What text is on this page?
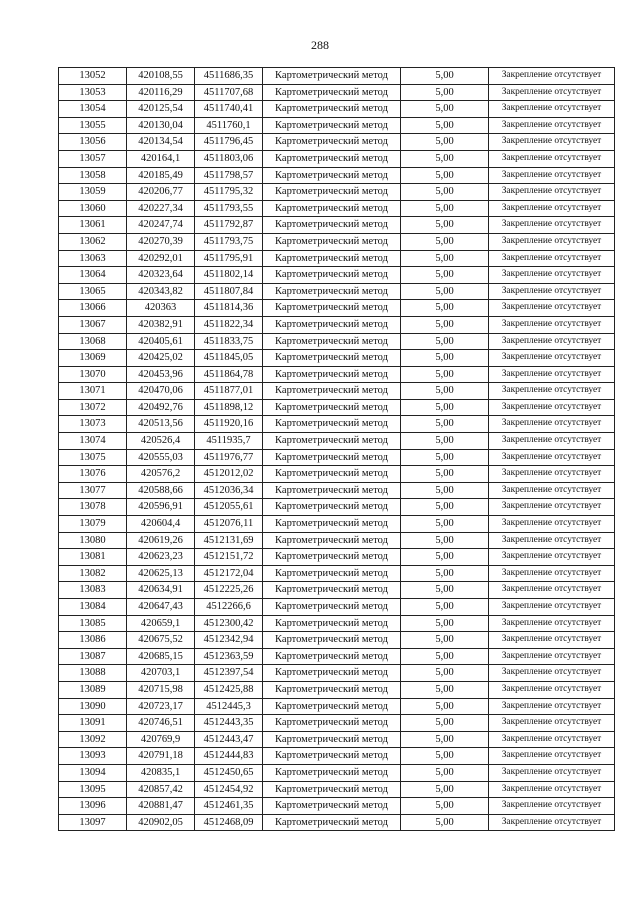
288
13052	420108,55	4511686,35	Картометрический метод	5,00	Закрепление отсутствует
13053	420116,29	4511707,68	Картометрический метод	5,00	Закрепление отсутствует
13054	420125,54	4511740,41	Картометрический метод	5,00	Закрепление отсутствует
13055	420130,04	4511760,1	Картометрический метод	5,00	Закрепление отсутствует
13056	420134,54	4511796,45	Картометрический метод	5,00	Закрепление отсутствует
13057	420164,1	4511803,06	Картометрический метод	5,00	Закрепление отсутствует
13058	420185,49	4511798,57	Картометрический метод	5,00	Закрепление отсутствует
13059	420206,77	4511795,32	Картометрический метод	5,00	Закрепление отсутствует
13060	420227,34	4511793,55	Картометрический метод	5,00	Закрепление отсутствует
13061	420247,74	4511792,87	Картометрический метод	5,00	Закрепление отсутствует
13062	420270,39	4511793,75	Картометрический метод	5,00	Закрепление отсутствует
13063	420292,01	4511795,91	Картометрический метод	5,00	Закрепление отсутствует
13064	420323,64	4511802,14	Картометрический метод	5,00	Закрепление отсутствует
13065	420343,82	4511807,84	Картометрический метод	5,00	Закрепление отсутствует
13066	420363	4511814,36	Картометрический метод	5,00	Закрепление отсутствует
13067	420382,91	4511822,34	Картометрический метод	5,00	Закрепление отсутствует
13068	420405,61	4511833,75	Картометрический метод	5,00	Закрепление отсутствует
13069	420425,02	4511845,05	Картометрический метод	5,00	Закрепление отсутствует
13070	420453,96	4511864,78	Картометрический метод	5,00	Закрепление отсутствует
13071	420470,06	4511877,01	Картометрический метод	5,00	Закрепление отсутствует
13072	420492,76	4511898,12	Картометрический метод	5,00	Закрепление отсутствует
13073	420513,56	4511920,16	Картометрический метод	5,00	Закрепление отсутствует
13074	420526,4	4511935,7	Картометрический метод	5,00	Закрепление отсутствует
13075	420555,03	4511976,77	Картометрический метод	5,00	Закрепление отсутствует
13076	420576,2	4512012,02	Картометрический метод	5,00	Закрепление отсутствует
13077	420588,66	4512036,34	Картометрический метод	5,00	Закрепление отсутствует
13078	420596,91	4512055,61	Картометрический метод	5,00	Закрепление отсутствует
13079	420604,4	4512076,11	Картометрический метод	5,00	Закрепление отсутствует
13080	420619,26	4512131,69	Картометрический метод	5,00	Закрепление отсутствует
13081	420623,23	4512151,72	Картометрический метод	5,00	Закрепление отсутствует
13082	420625,13	4512172,04	Картометрический метод	5,00	Закрепление отсутствует
13083	420634,91	4512225,26	Картометрический метод	5,00	Закрепление отсутствует
13084	420647,43	4512266,6	Картометрический метод	5,00	Закрепление отсутствует
13085	420659,1	4512300,42	Картометрический метод	5,00	Закрепление отсутствует
13086	420675,52	4512342,94	Картометрический метод	5,00	Закрепление отсутствует
13087	420685,15	4512363,59	Картометрический метод	5,00	Закрепление отсутствует
13088	420703,1	4512397,54	Картометрический метод	5,00	Закрепление отсутствует
13089	420715,98	4512425,88	Картометрический метод	5,00	Закрепление отсутствует
13090	420723,17	4512445,3	Картометрический метод	5,00	Закрепление отсутствует
13091	420746,51	4512443,35	Картометрический метод	5,00	Закрепление отсутствует
13092	420769,9	4512443,47	Картометрический метод	5,00	Закрепление отсутствует
13093	420791,18	4512444,83	Картометрический метод	5,00	Закрепление отсутствует
13094	420835,1	4512450,65	Картометрический метод	5,00	Закрепление отсутствует
13095	420857,42	4512454,92	Картометрический метод	5,00	Закрепление отсутствует
13096	420881,47	4512461,35	Картометрический метод	5,00	Закрепление отсутствует
13097	420902,05	4512468,09	Картометрический метод	5,00	Закрепление отсутствует
